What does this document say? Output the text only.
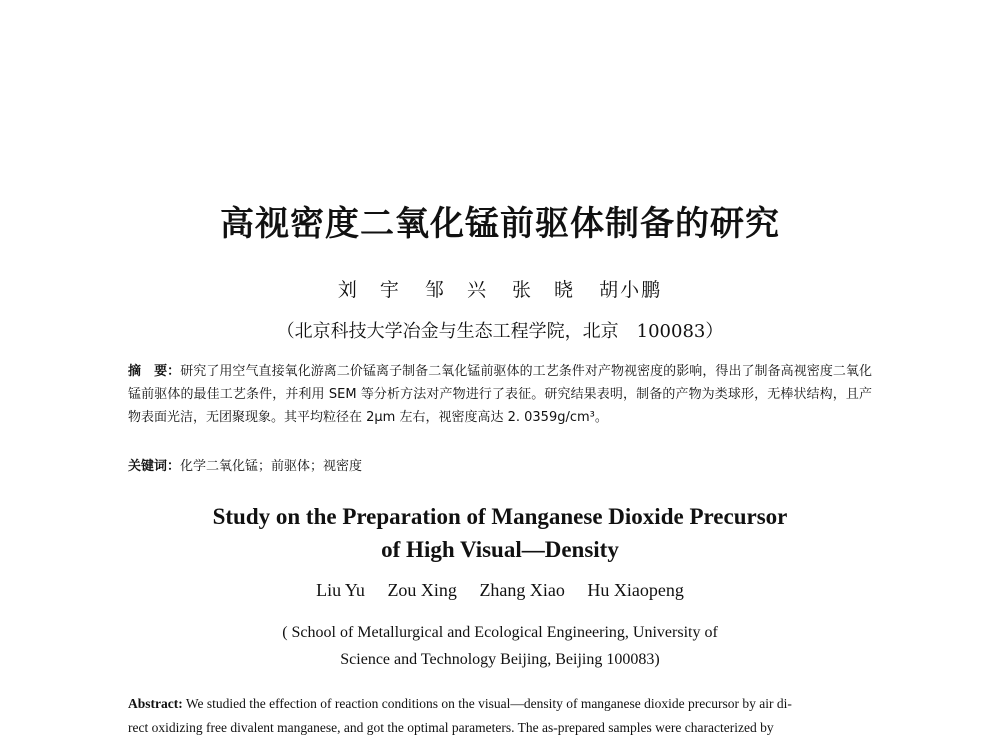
高视密度二氧化锰前驱体制备的研究
刘　宇 邹　兴 张　晓 胡小鹏
（北京科技大学冶金与生态工程学院，北京　100083）
摘　要：研究了用空气直接氧化游离二价锰离子制备二氧化锰前驱体的工艺条件对产物视密度的影响，得出了制备高视密度二氧化锰前驱体的最佳工艺条件，并利用 SEM 等分析方法对产物进行了表征。研究结果表明，制备的产物为类球形，无棒状结构，且产物表面光洁，无团聚现象。其平均粒径在 2μm 左右，视密度高达 2. 0359g/cm³。
关键词：化学二氧化锰；前驱体；视密度
Study on the Preparation of Manganese Dioxide Precursor
of High Visual—Density
Liu Yu Zou Xing Zhang Xiao Hu Xiaopeng
( School of Metallurgical and Ecological Engineering, University of
Science and Technology Beijing, Beijing 100083)
Abstract: We studied the effection of reaction conditions on the visual—density of manganese dioxide precursor by air di-
rect oxidizing free divalent manganese, and got the optimal parameters. The as-prepared samples were characterized by
